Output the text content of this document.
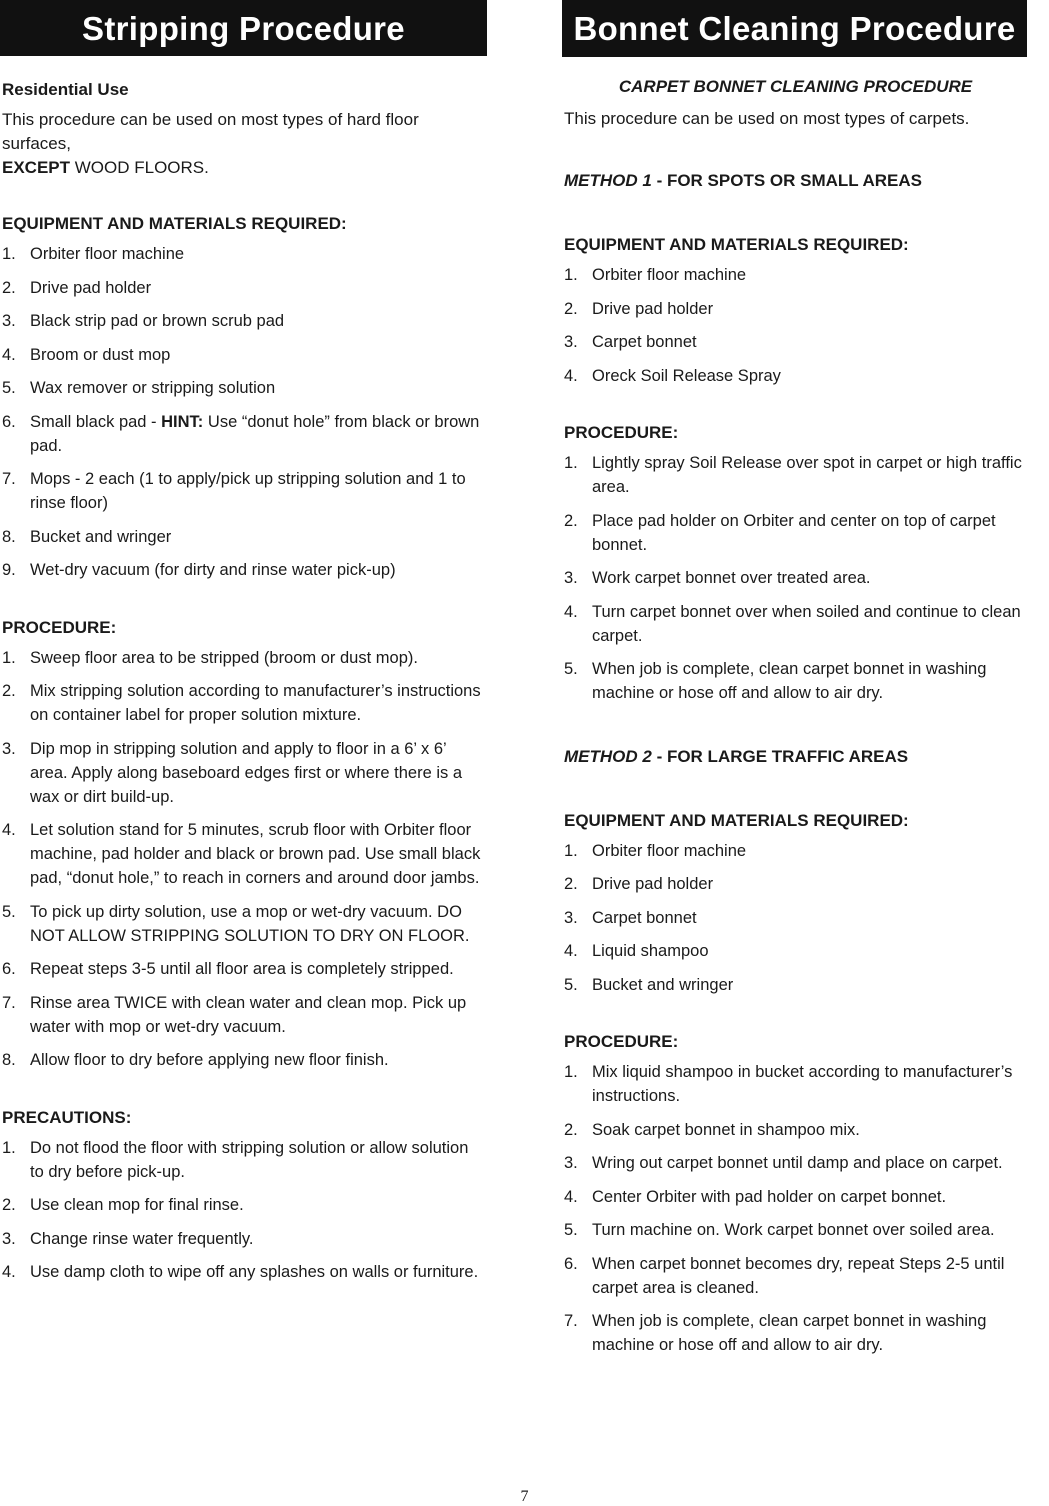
Stripping Procedure

Residential Use

This procedure can be used on most types of hard floor surfaces,
EXCEPT WOOD FLOORS.

EQUIPMENT AND MATERIALS REQUIRED:

1. Orbiter floor machine
2. Drive pad holder
3. Black strip pad or brown scrub pad
4. Broom or dust mop
5. Wax remover or stripping solution
6. Small black pad - HINT: Use “donut hole” from black or brown pad.
7. Mops - 2 each (1 to apply/pick up stripping solution and 1 to rinse floor)
8. Bucket and wringer
9. Wet-dry vacuum (for dirty and rinse water pick-up)

PROCEDURE:

1. Sweep floor area to be stripped (broom or dust mop).
2. Mix stripping solution according to manufacturer’s instructions on container label for proper solution mixture.
3. Dip mop in stripping solution and apply to floor in a 6’ x 6’ area. Apply along baseboard edges first or where there is a wax or dirt build-up.
4. Let solution stand for 5 minutes, scrub floor with Orbiter floor machine, pad holder and black or brown pad. Use small black pad, “donut hole,” to reach in corners and around door jambs.
5. To pick up dirty solution, use a mop or wet-dry vacuum. DO NOT ALLOW STRIPPING SOLUTION TO DRY ON FLOOR.
6. Repeat steps 3-5 until all floor area is completely stripped.
7. Rinse area TWICE with clean water and clean mop. Pick up water with mop or wet-dry vacuum.
8. Allow floor to dry before applying new floor finish.

PRECAUTIONS:

1. Do not flood the floor with stripping solution or allow solution to dry before pick-up.
2. Use clean mop for final rinse.
3. Change rinse water frequently.
4. Use damp cloth to wipe off any splashes on walls or furniture.
Bonnet Cleaning Procedure

CARPET BONNET CLEANING PROCEDURE

This procedure can be used on most types of carpets.

METHOD 1 - FOR SPOTS OR SMALL AREAS

EQUIPMENT AND MATERIALS REQUIRED:

1. Orbiter floor machine
2. Drive pad holder
3. Carpet bonnet
4. Oreck Soil Release Spray

PROCEDURE:

1. Lightly spray Soil Release over spot in carpet or high traffic area.
2. Place pad holder on Orbiter and center on top of carpet bonnet.
3. Work carpet bonnet over treated area.
4. Turn carpet bonnet over when soiled and continue to clean carpet.
5. When job is complete, clean carpet bonnet in washing machine or hose off and allow to air dry.

METHOD 2 - FOR LARGE TRAFFIC AREAS

EQUIPMENT AND MATERIALS REQUIRED:

1. Orbiter floor machine
2. Drive pad holder
3. Carpet bonnet
4. Liquid shampoo
5. Bucket and wringer

PROCEDURE:

1. Mix liquid shampoo in bucket according to manufacturer’s instructions.
2. Soak carpet bonnet in shampoo mix.
3. Wring out carpet bonnet until damp and place on carpet.
4. Center Orbiter with pad holder on carpet bonnet.
5. Turn machine on. Work carpet bonnet over soiled area.
6. When carpet bonnet becomes dry, repeat Steps 2-5 until carpet area is cleaned.
7. When job is complete, clean carpet bonnet in washing machine or hose off and allow to air dry.
7
